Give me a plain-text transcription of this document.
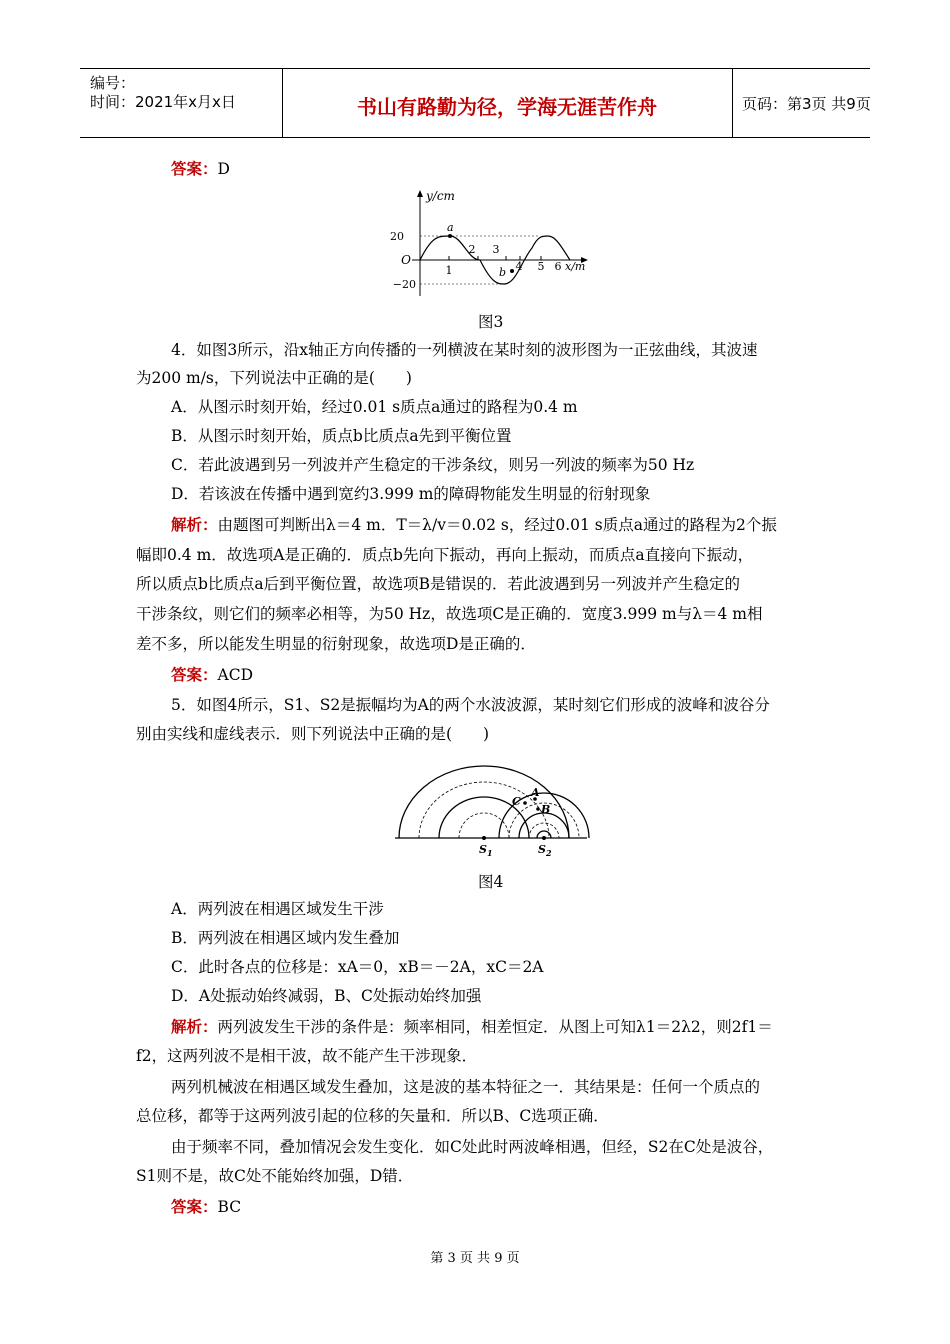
编号：
时间：2021年x月x日	书山有路勤为径，学海无涯苦作舟	页码：第3页 共9页
答案：D
y/cm
20
O
−20
1
2 3
4 5 6 x/m
a
b
图3
4．如图3所示，沿x轴正方向传播的一列横波在某时刻的波形图为一正弦曲线，其波速
为200 m/s，下列说法中正确的是(　　)
A．从图示时刻开始，经过0.01 s质点a通过的路程为0.4 m
B．从图示时刻开始，质点b比质点a先到平衡位置
C．若此波遇到另一列波并产生稳定的干涉条纹，则另一列波的频率为50 Hz
D．若该波在传播中遇到宽约3.999 m的障碍物能发生明显的衍射现象
解析：由题图可判断出λ＝4 m．T＝λ/v＝0.02 s，经过0.01 s质点a通过的路程为2个振
幅即0.4 m．故选项A是正确的．质点b先向下振动，再向上振动，而质点a直接向下振动，
所以质点b比质点a后到平衡位置，故选项B是错误的．若此波遇到另一列波并产生稳定的
干涉条纹，则它们的频率必相等，为50 Hz，故选项C是正确的．宽度3.999 m与λ＝4 m相
差不多，所以能发生明显的衍射现象，故选项D是正确的．
答案：ACD
5．如图4所示，S1、S2是振幅均为A的两个水波波源，某时刻它们形成的波峰和波谷分
别由实线和虚线表示．则下列说法中正确的是(　　)
A
B
C
$S_1$	$S_2$
图4
A．两列波在相遇区域发生干涉
B．两列波在相遇区域内发生叠加
C．此时各点的位移是：xA＝0，xB＝－2A，xC＝2A
D．A处振动始终减弱，B、C处振动始终加强
解析：两列波发生干涉的条件是：频率相同，相差恒定．从图上可知λ1＝2λ2，则2f1＝
f2，这两列波不是相干波，故不能产生干涉现象．
两列机械波在相遇区域发生叠加，这是波的基本特征之一．其结果是：任何一个质点的
总位移，都等于这两列波引起的位移的矢量和．所以B、C选项正确．
由于频率不同，叠加情况会发生变化．如C处此时两波峰相遇，但经，S2在C处是波谷，
S1则不是，故C处不能始终加强，D错．
答案：BC
第 3 页 共 9 页
